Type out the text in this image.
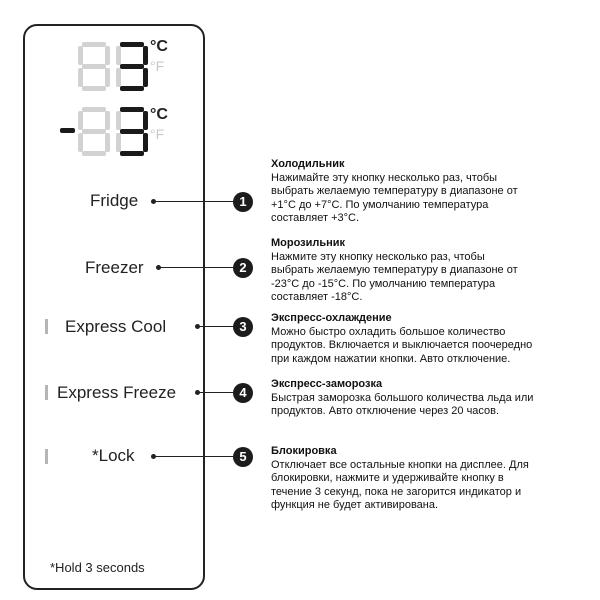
°C
°F
°C
°F
Fridge	1
Freezer	2
Express Cool	3
Express Freeze	4
*Lock	5
*Hold 3 seconds
Холодильник
Нажимайте эту кнопку несколько раз, чтобы
выбрать желаемую температуру в диапазоне от
+1°C до +7°C. По умолчанию температура
составляет +3°C.
Морозильник
Нажмите эту кнопку несколько раз, чтобы
выбрать желаемую температуру в диапазоне от
-23°C до -15°C. По умолчанию температура
составляет -18°C.
Экспресс-охлаждение
Можно быстро охладить большое количество
продуктов. Включается и выключается поочередно
при каждом нажатии кнопки. Авто отключение.
Экспресс-заморозка
Быстрая заморозка большого количества льда или
продуктов. Авто отключение через 20 часов.
Блокировка
Отключает все остальные кнопки на дисплее. Для
блокировки, нажмите и удерживайте кнопку в
течение 3 секунд, пока не загорится индикатор и
функция не будет активирована.
